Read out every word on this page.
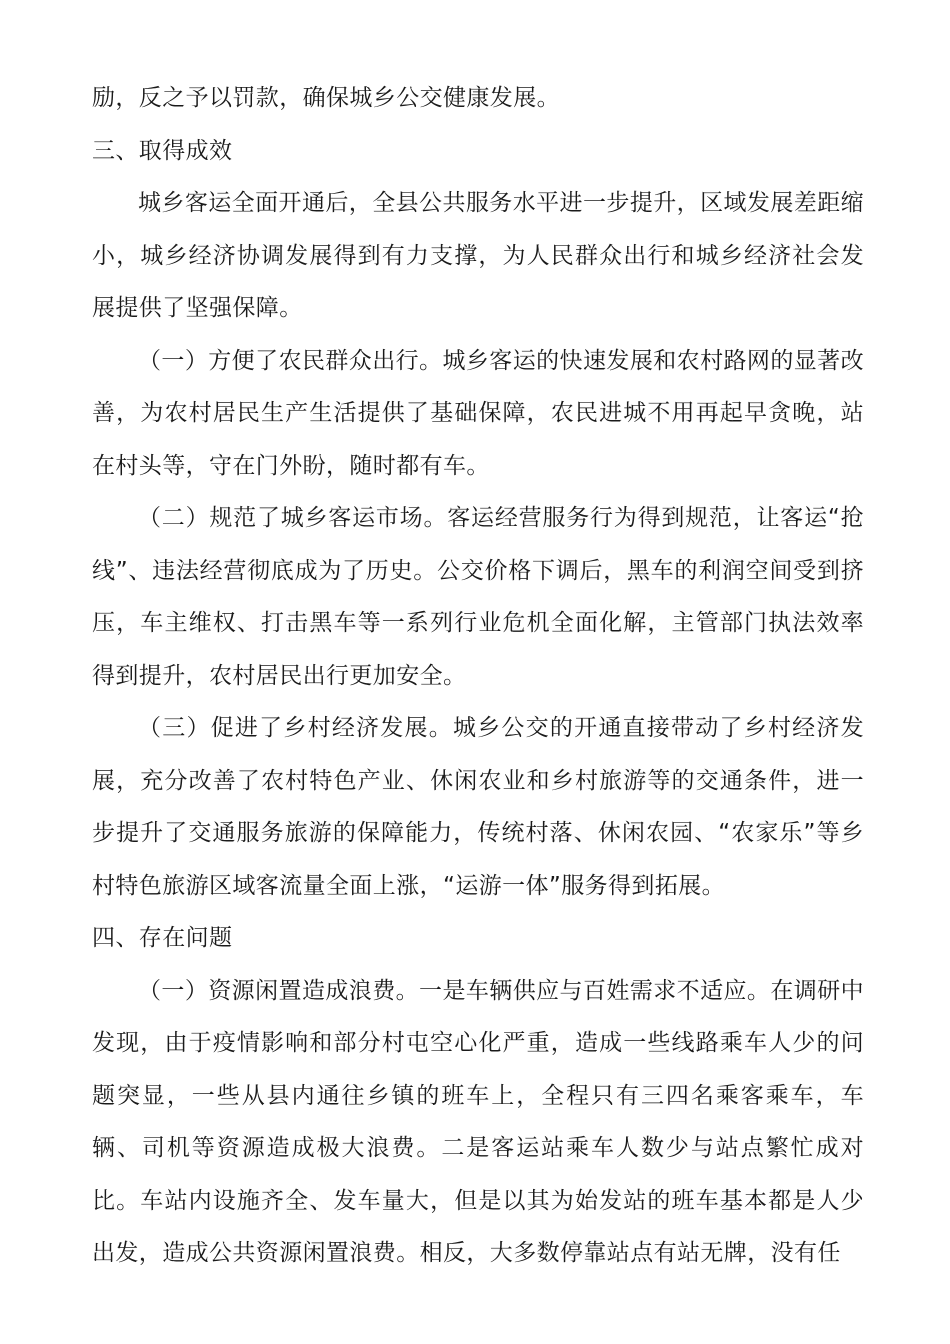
励，反之予以罚款，确保城乡公交健康发展。

三、取得成效

城乡客运全面开通后，全县公共服务水平进一步提升，区域发展差距缩小，城乡经济协调发展得到有力支撑，为人民群众出行和城乡经济社会发展提供了坚强保障。

（一）方便了农民群众出行。城乡客运的快速发展和农村路网的显著改善，为农村居民生产生活提供了基础保障，农民进城不用再起早贪晚，站在村头等，守在门外盼，随时都有车。

（二）规范了城乡客运市场。客运经营服务行为得到规范，让客运“抢线”、违法经营彻底成为了历史。公交价格下调后，黑车的利润空间受到挤压，车主维权、打击黑车等一系列行业危机全面化解，主管部门执法效率得到提升，农村居民出行更加安全。

（三）促进了乡村经济发展。城乡公交的开通直接带动了乡村经济发展，充分改善了农村特色产业、休闲农业和乡村旅游等的交通条件，进一步提升了交通服务旅游的保障能力，传统村落、休闲农园、“农家乐”等乡村特色旅游区域客流量全面上涨，“运游一体”服务得到拓展。

四、存在问题

（一）资源闲置造成浪费。一是车辆供应与百姓需求不适应。在调研中发现，由于疫情影响和部分村屯空心化严重，造成一些线路乘车人少的问题突显，一些从县内通往乡镇的班车上，全程只有三四名乘客乘车，车辆、司机等资源造成极大浪费。二是客运站乘车人数少与站点繁忙成对比。车站内设施齐全、发车量大，但是以其为始发站的班车基本都是人少出发，造成公共资源闲置浪费。相反，大多数停靠站点有站无牌，没有任
